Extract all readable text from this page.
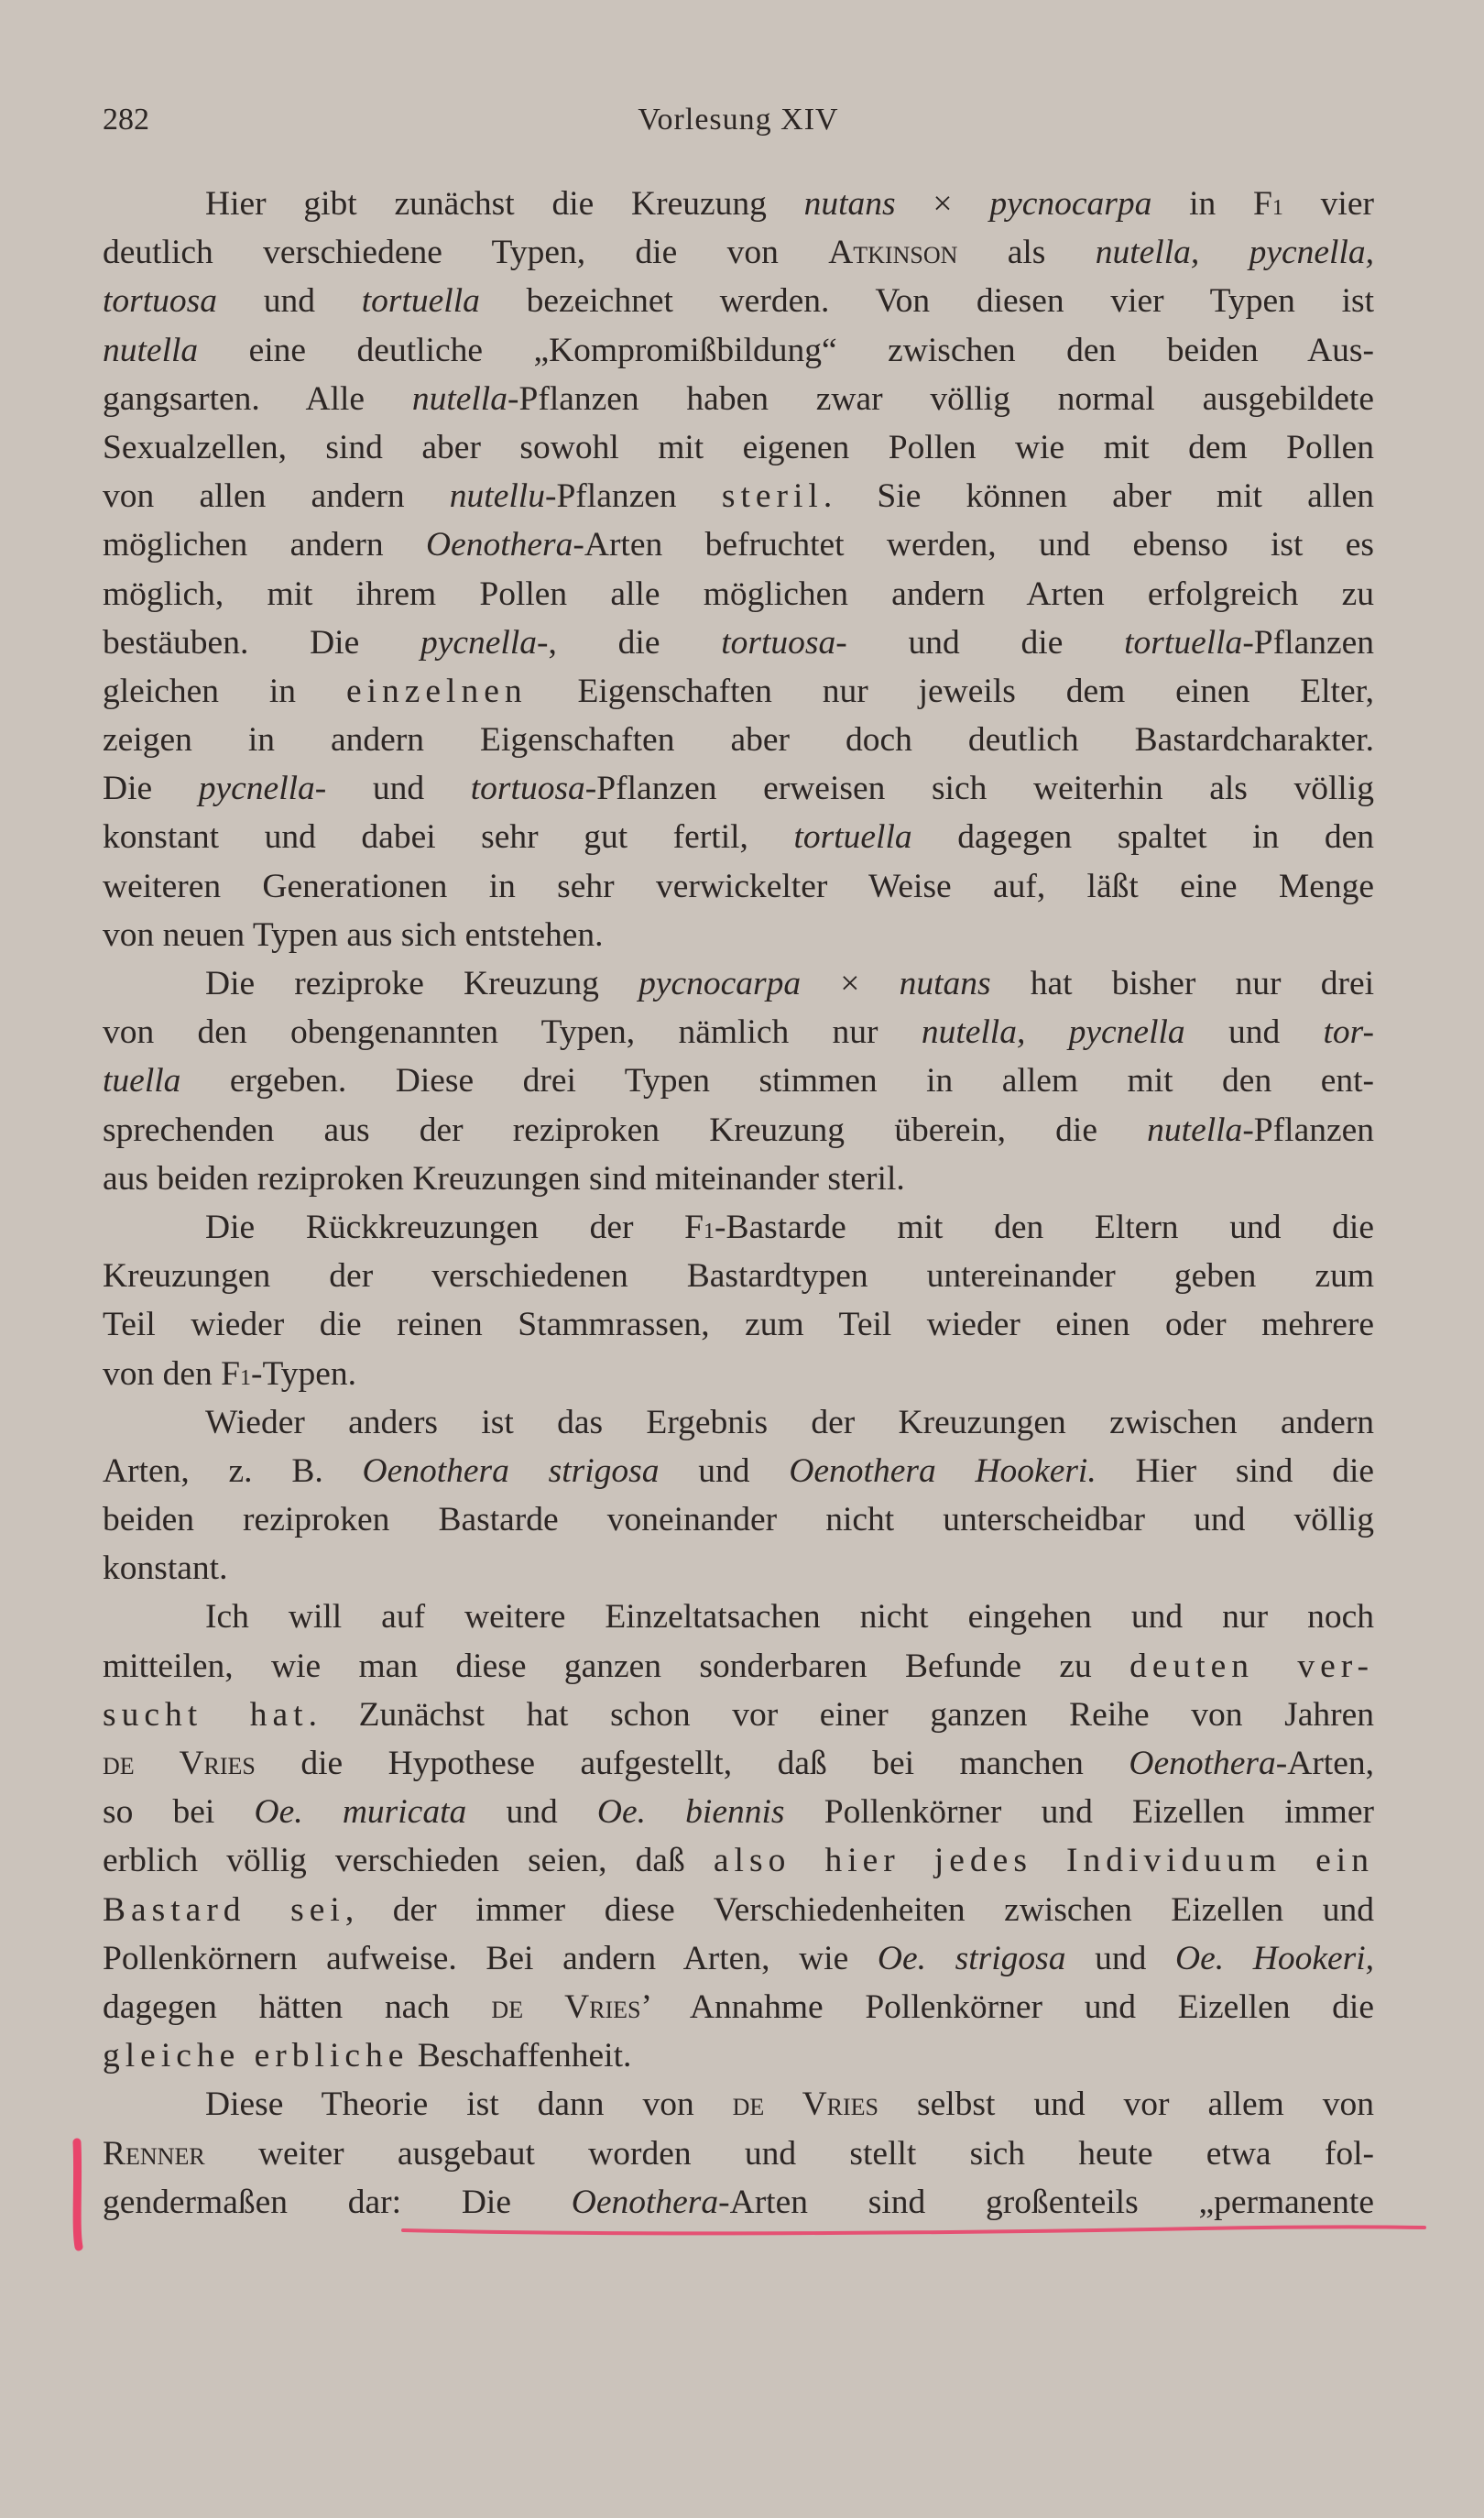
282	Vorlesung XIV
Hier gibt zunächst die Kreuzung nutans × pycnocarpa in F1 vier
deutlich verschiedene Typen, die von Atkinson als nutella, pycnella,
tortuosa und tortuella bezeichnet werden. Von diesen vier Typen ist
nutella eine deutliche „Kompromißbildung“ zwischen den beiden Aus-
gangsarten. Alle nutella-Pflanzen haben zwar völlig normal ausgebildete
Sexualzellen, sind aber sowohl mit eigenen Pollen wie mit dem Pollen
von allen andern nutellu-Pflanzen steril. Sie können aber mit allen
möglichen andern Oenothera-Arten befruchtet werden, und ebenso ist es
möglich, mit ihrem Pollen alle möglichen andern Arten erfolgreich zu
bestäuben. Die pycnella-, die tortuosa- und die tortuella-Pflanzen
gleichen in einzelnen Eigenschaften nur jeweils dem einen Elter,
zeigen in andern Eigenschaften aber doch deutlich Bastardcharakter.
Die pycnella- und tortuosa-Pflanzen erweisen sich weiterhin als völlig
konstant und dabei sehr gut fertil, tortuella dagegen spaltet in den
weiteren Generationen in sehr verwickelter Weise auf, läßt eine Menge
von neuen Typen aus sich entstehen.
Die reziproke Kreuzung pycnocarpa × nutans hat bisher nur drei
von den obengenannten Typen, nämlich nur nutella, pycnella und tor-
tuella ergeben. Diese drei Typen stimmen in allem mit den ent-
sprechenden aus der reziproken Kreuzung überein, die nutella-Pflanzen
aus beiden reziproken Kreuzungen sind miteinander steril.
Die Rückkreuzungen der F1-Bastarde mit den Eltern und die
Kreuzungen der verschiedenen Bastardtypen untereinander geben zum
Teil wieder die reinen Stammrassen, zum Teil wieder einen oder mehrere
von den F1-Typen.
Wieder anders ist das Ergebnis der Kreuzungen zwischen andern
Arten, z. B. Oenothera strigosa und Oenothera Hookeri. Hier sind die
beiden reziproken Bastarde voneinander nicht unterscheidbar und völlig
konstant.
Ich will auf weitere Einzeltatsachen nicht eingehen und nur noch
mitteilen, wie man diese ganzen sonderbaren Befunde zu deuten ver-
sucht hat. Zunächst hat schon vor einer ganzen Reihe von Jahren
de Vries die Hypothese aufgestellt, daß bei manchen Oenothera-Arten,
so bei Oe. muricata und Oe. biennis Pollenkörner und Eizellen immer
erblich völlig verschieden seien, daß also hier jedes Individuum ein
Bastard sei, der immer diese Verschiedenheiten zwischen Eizellen und
Pollenkörnern aufweise. Bei andern Arten, wie Oe. strigosa und Oe. Hookeri,
dagegen hätten nach de Vries’ Annahme Pollenkörner und Eizellen die
gleiche erbliche Beschaffenheit.
Diese Theorie ist dann von de Vries selbst und vor allem von
Renner weiter ausgebaut worden und stellt sich heute etwa fol-
gendermaßen dar: Die Oenothera-Arten sind großenteils „permanente
